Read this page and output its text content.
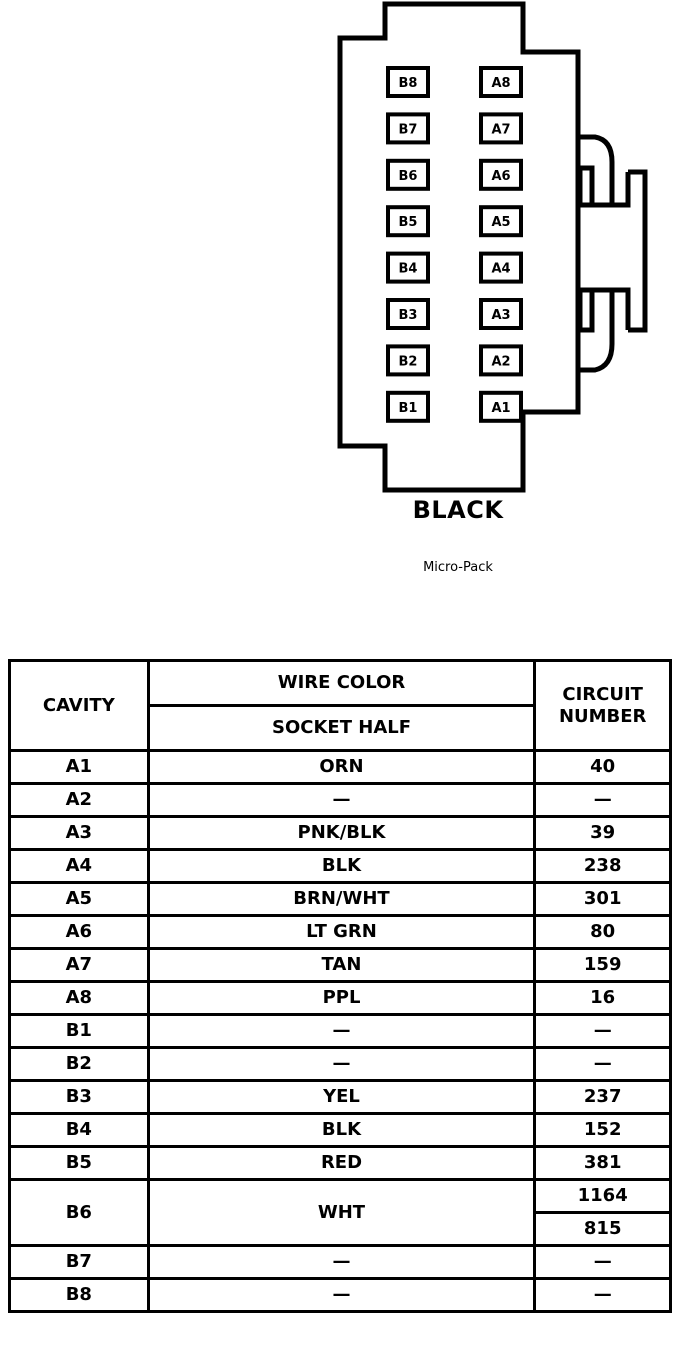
B8	A8
B7	A7
B6	A6
B5	A5
B4	A4
B3	A3
B2	A2
B1	A1
BLACK
Micro-Pack
CAVITY	WIRE COLOR	CIRCUIT NUMBER
	SOCKET HALF	
A1	ORN	40
A2	—	—
A3	PNK/BLK	39
A4	BLK	238
A5	BRN/WHT	301
A6	LT GRN	80
A7	TAN	159
A8	PPL	16
B1	—	—
B2	—	—
B3	YEL	237
B4	BLK	152
B5	RED	381
B6	WHT	1164
		815
B7	—	—
B8	—	—
